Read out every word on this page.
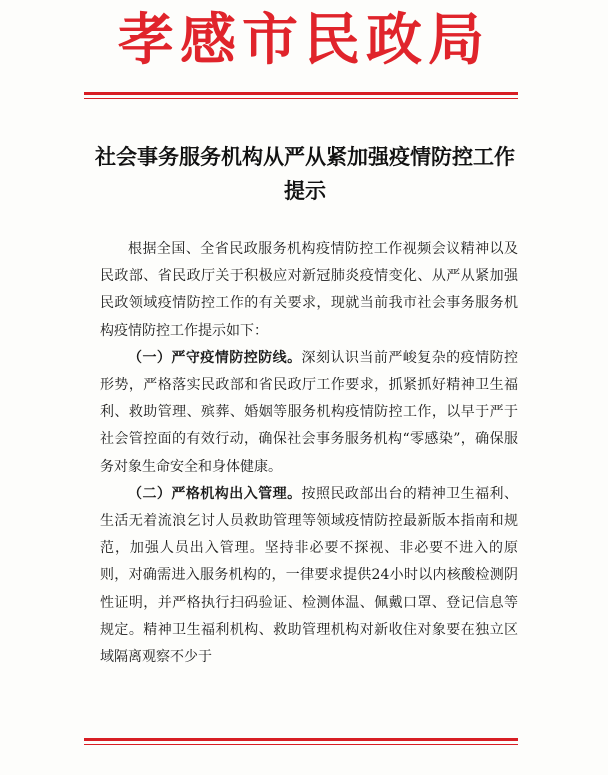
孝感市民政局
社会事务服务机构从严从紧加强疫情防控工作提示

根据全国、全省民政服务机构疫情防控工作视频会议精神以及民政部、省民政厅关于积极应对新冠肺炎疫情变化、从严从紧加强民政领域疫情防控工作的有关要求，现就当前我市社会事务服务机构疫情防控工作提示如下：

（一）严守疫情防控防线。深刻认识当前严峻复杂的疫情防控形势，严格落实民政部和省民政厅工作要求，抓紧抓好精神卫生福利、救助管理、殡葬、婚姻等服务机构疫情防控工作，以早于严于社会管控面的有效行动，确保社会事务服务机构“零感染”，确保服务对象生命安全和身体健康。

（二）严格机构出入管理。按照民政部出台的精神卫生福利、生活无着流浪乞讨人员救助管理等领域疫情防控最新版本指南和规范，加强人员出入管理。坚持非必要不探视、非必要不进入的原则，对确需进入服务机构的，一律要求提供24小时以内核酸检测阴性证明，并严格执行扫码验证、检测体温、佩戴口罩、登记信息等规定。精神卫生福利机构、救助管理机构对新收住对象要在独立区域隔离观察不少于
